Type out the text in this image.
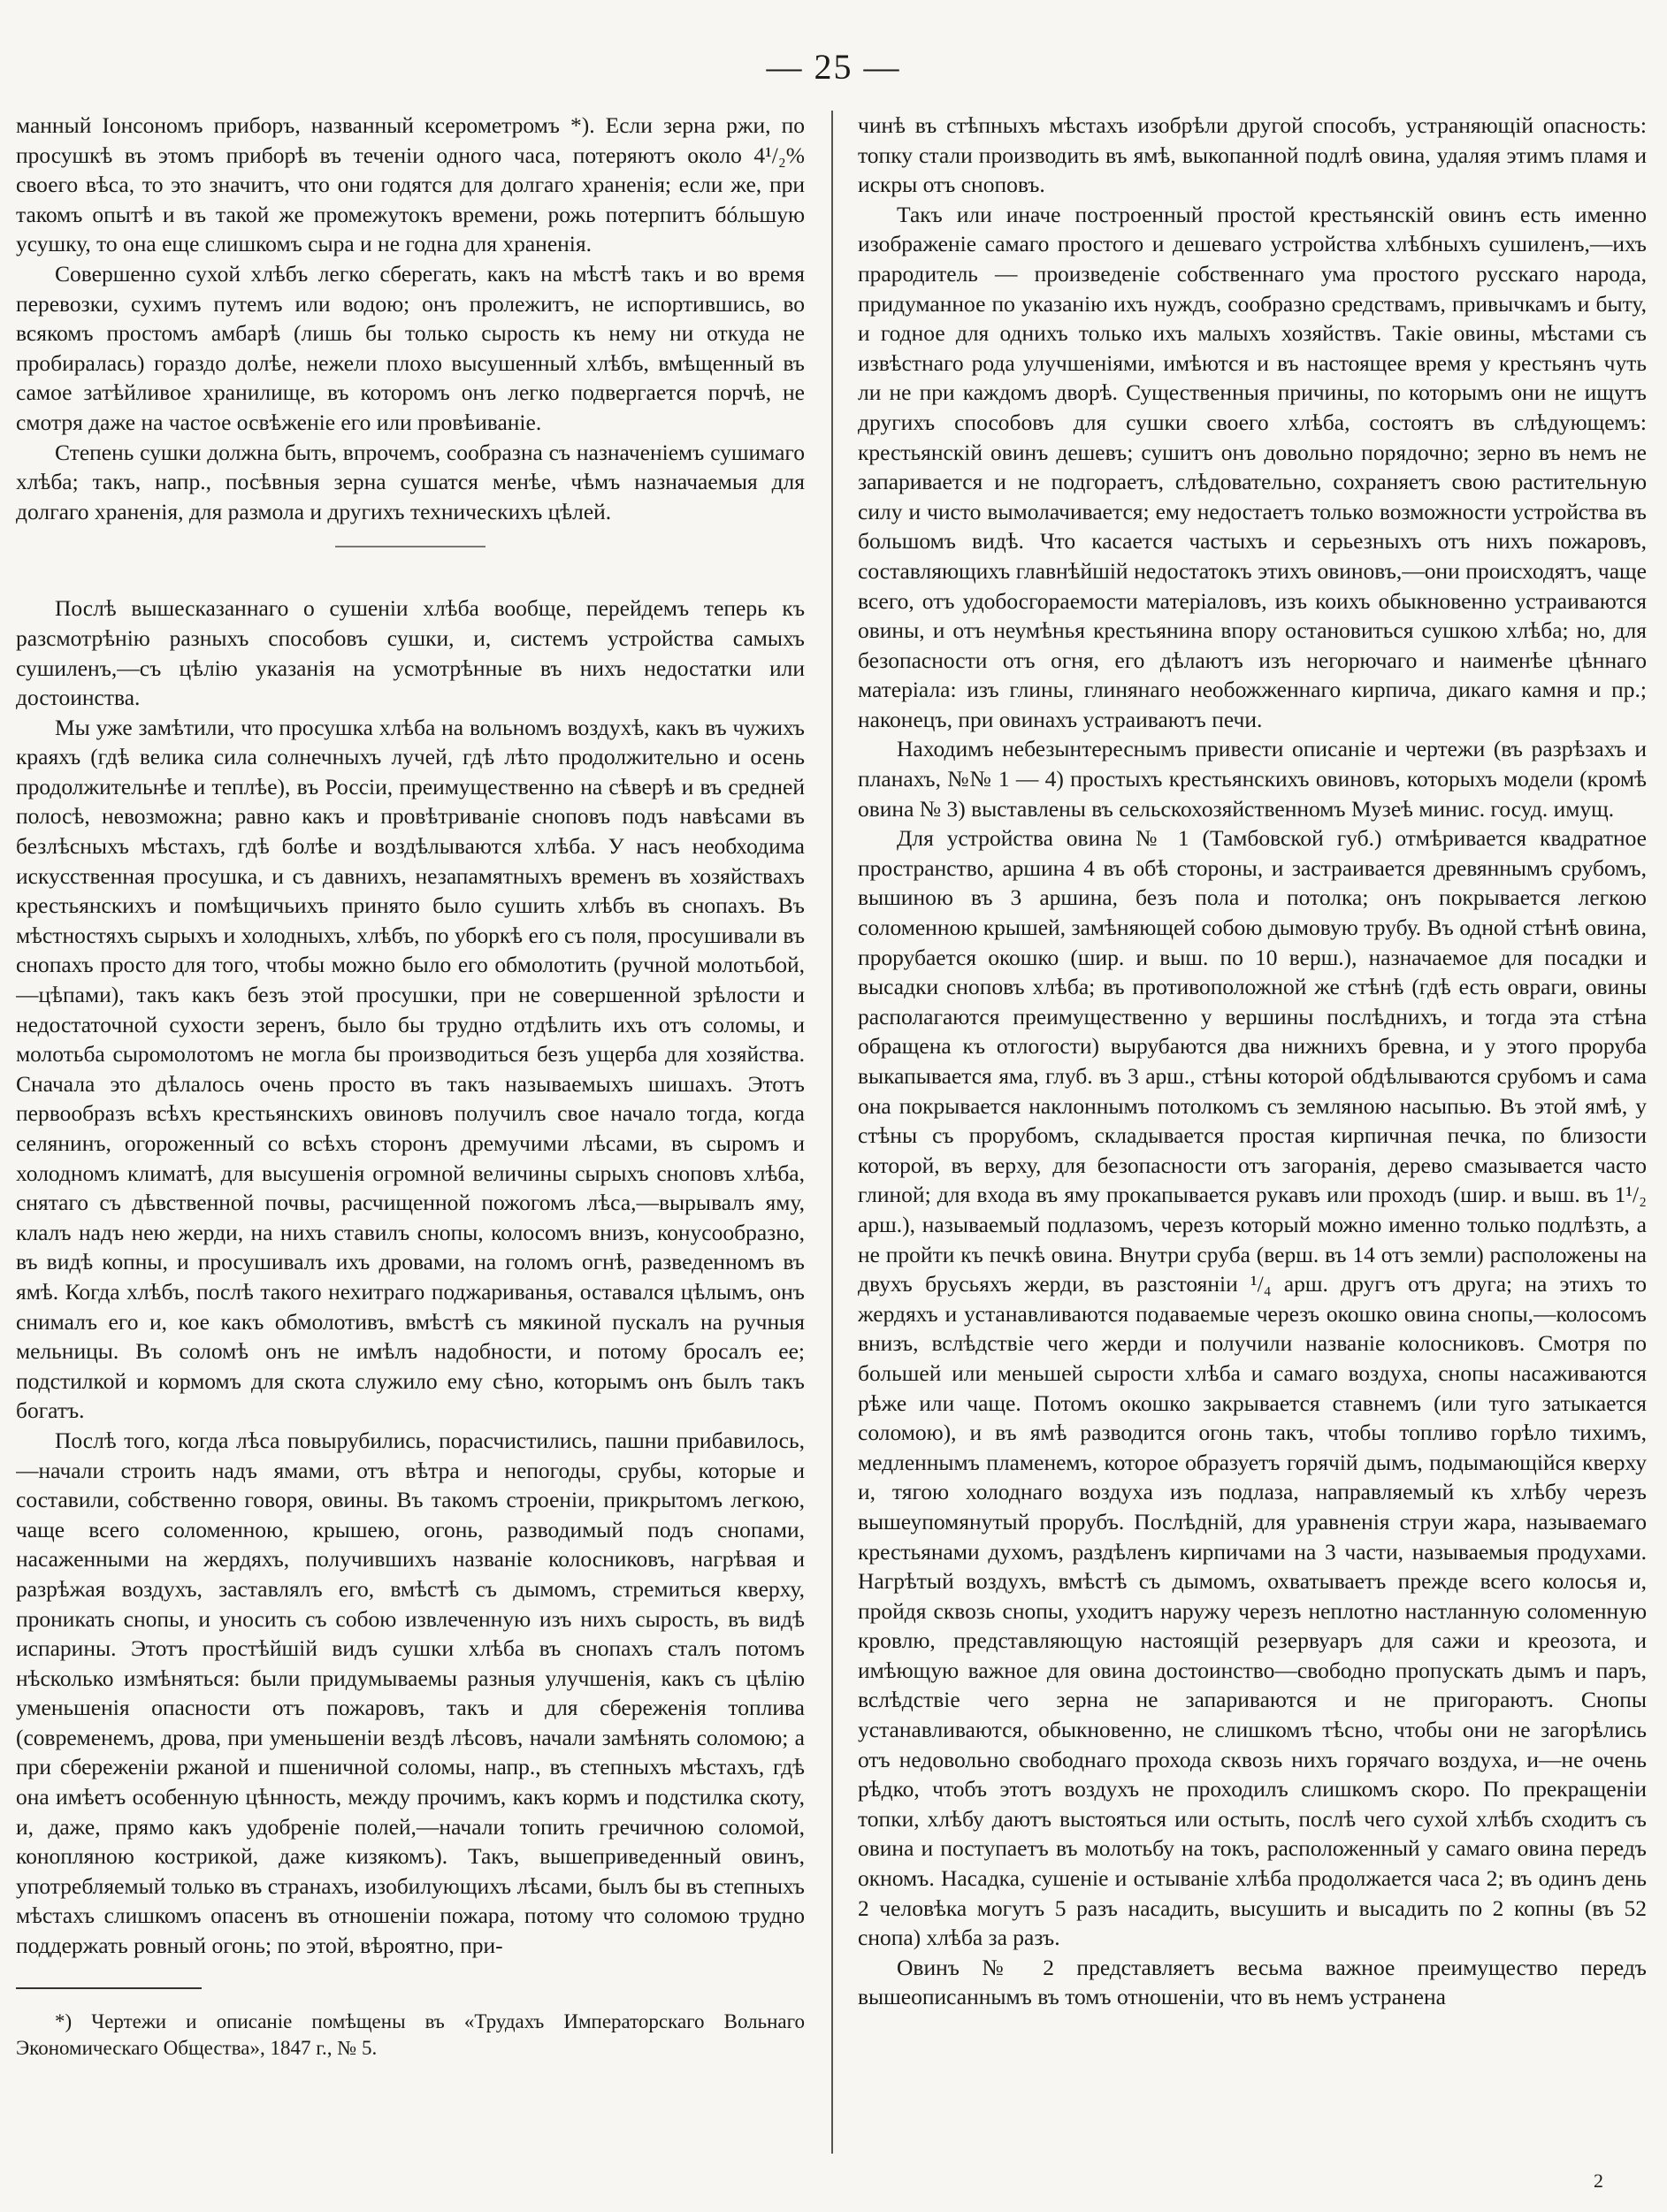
— 25 —

манный Іонсономъ приборъ, названный ксерометромъ *). Если зерна ржи, по просушкѣ въ этомъ приборѣ въ теченіи одного часа, потеряютъ около 4¹/₂% своего вѣса, то это значитъ, что они годятся для долгаго храненія; если же, при такомъ опытѣ и въ такой же промежутокъ времени, рожь потерпитъ бóльшую усушку, то она еще слишкомъ сыра и не годна для храненія.

Совершенно сухой хлѣбъ легко сберегать, какъ на мѣстѣ такъ и во время перевозки, сухимъ путемъ или водою; онъ пролежитъ, не испортившись, во всякомъ простомъ амбарѣ (лишь бы только сырость къ нему ни откуда не пробиралась) гораздо долѣе, нежели плохо высушенный хлѣбъ, вмѣщенный въ самое затѣйливое хранилище, въ которомъ онъ легко подвергается порчѣ, не смотря даже на частое освѣженіе его или провѣиваніе.

Степень сушки должна быть, впрочемъ, сообразна съ назначеніемъ сушимаго хлѣба; такъ, напр., посѣвныя зерна сушатся менѣе, чѣмъ назначаемыя для долгаго храненія, для размола и другихъ техническихъ цѣлей.

Послѣ вышесказаннаго о сушеніи хлѣба вообще, перейдемъ теперь къ разсмотрѣнію разныхъ способовъ сушки, и, системъ устройства самыхъ сушиленъ,—съ цѣлію указанія на усмотрѣнные въ нихъ недостатки или достоинства.

Мы уже замѣтили, что просушка хлѣба на вольномъ воздухѣ, какъ въ чужихъ краяхъ (гдѣ велика сила солнечныхъ лучей, гдѣ лѣто продолжительно и осень продолжительнѣе и теплѣе), въ Россіи, преимущественно на сѣверѣ и въ средней полосѣ, невозможна; равно какъ и провѣтриваніе сноповъ подъ навѣсами въ безлѣсныхъ мѣстахъ, гдѣ болѣе и воздѣлываются хлѣба. У насъ необходима искусственная просушка, и съ давнихъ, незапамятныхъ временъ въ хозяйствахъ крестьянскихъ и помѣщичьихъ принято было сушить хлѣбъ въ снопахъ. Въ мѣстностяхъ сырыхъ и холодныхъ, хлѣбъ, по уборкѣ его съ поля, просушивали въ снопахъ просто для того, чтобы можно было его обмолотить (ручной молотьбой,—цѣпами), такъ какъ безъ этой просушки, при не совершенной зрѣлости и недостаточной сухости зеренъ, было бы трудно отдѣлить ихъ отъ соломы, и молотьба сыромолотомъ не могла бы производиться безъ ущерба для хозяйства. Сначала это дѣлалось очень просто въ такъ называемыхъ шишахъ. Этотъ первообразъ всѣхъ крестьянскихъ овиновъ получилъ свое начало тогда, когда селянинъ, огороженный со всѣхъ сторонъ дремучими лѣсами, въ сыромъ и холодномъ климатѣ, для высушенія огромной величины сырыхъ сноповъ хлѣба, снятаго съ дѣвственной почвы, расчищенной пожогомъ лѣса,—вырывалъ яму, клалъ надъ нею жерди, на нихъ ставилъ снопы, колосомъ внизъ, конусообразно, въ видѣ копны, и просушивалъ ихъ дровами, на голомъ огнѣ, разведенномъ въ ямѣ. Когда хлѣбъ, послѣ такого нехитраго поджариванья, оставался цѣлымъ, онъ снималъ его и, кое какъ обмолотивъ, вмѣстѣ съ мякиной пускалъ на ручныя мельницы. Въ соломѣ онъ не имѣлъ надобности, и потому бросалъ ее; подстилкой и кормомъ для скота служило ему сѣно, которымъ онъ былъ такъ богатъ.

Послѣ того, когда лѣса повырубились, порасчистились, пашни прибавилось,—начали строить надъ ямами, отъ вѣтра и непогоды, срубы, которые и составили, собственно говоря, овины. Въ такомъ строеніи, прикрытомъ легкою, чаще всего соломенною, крышею, огонь, разводимый подъ снопами, насаженными на жердяхъ, получившихъ названіе колосниковъ, нагрѣвая и разрѣжая воздухъ, заставлялъ его, вмѣстѣ съ дымомъ, стремиться кверху, проникать снопы, и уносить съ собою извлеченную изъ нихъ сырость, въ видѣ испарины. Этотъ простѣйшій видъ сушки хлѣба въ снопахъ сталъ потомъ нѣсколько измѣняться: были придумываемы разныя улучшенія, какъ съ цѣлію уменьшенія опасности отъ пожаровъ, такъ и для сбереженія топлива (современемъ, дрова, при уменьшеніи вездѣ лѣсовъ, начали замѣнять соломою; а при сбереженіи ржаной и пшеничной соломы, напр., въ степныхъ мѣстахъ, гдѣ она имѣетъ особенную цѣнность, между прочимъ, какъ кормъ и подстилка скоту, и, даже, прямо какъ удобреніе полей,—начали топить гречичною соломой, конопляною кострикой, даже кизякомъ). Такъ, вышеприведенный овинъ, употребляемый только въ странахъ, изобилующихъ лѣсами, былъ бы въ степныхъ мѣстахъ слишкомъ опасенъ въ отношеніи пожара, потому что соломою трудно поддержать ровный огонь; по этой, вѣроятно, при-

*) Чертежи и описаніе помѣщены въ «Трудахъ Императорскаго Вольнаго Экономическаго Общества», 1847 г., № 5.

чинѣ въ стѣпныхъ мѣстахъ изобрѣли другой способъ, устраняющій опасность: топку стали производить въ ямѣ, выкопанной подлѣ овина, удаляя этимъ пламя и искры отъ сноповъ.

Такъ или иначе построенный простой крестьянскій овинъ есть именно изображеніе самаго простого и дешеваго устройства хлѣбныхъ сушиленъ,—ихъ прародитель — произведеніе собственнаго ума простого русскаго народа, придуманное по указанію ихъ нуждъ, сообразно средствамъ, привычкамъ и быту, и годное для однихъ только ихъ малыхъ хозяйствъ. Такіе овины, мѣстами съ извѣстнаго рода улучшеніями, имѣются и въ настоящее время у крестьянъ чуть ли не при каждомъ дворѣ. Существенныя причины, по которымъ они не ищутъ другихъ способовъ для сушки своего хлѣба, состоятъ въ слѣдующемъ: крестьянскій овинъ дешевъ; сушитъ онъ довольно порядочно; зерно въ немъ не запаривается и не подгораетъ, слѣдовательно, сохраняетъ свою растительную силу и чисто вымолачивается; ему недостаетъ только возможности устройства въ большомъ видѣ. Что касается частыхъ и серьезныхъ отъ нихъ пожаровъ, составляющихъ главнѣйшій недостатокъ этихъ овиновъ,—они происходятъ, чаще всего, отъ удобосгораемости матеріаловъ, изъ коихъ обыкновенно устраиваются овины, и отъ неумѣнья крестьянина впору остановиться сушкою хлѣба; но, для безопасности отъ огня, его дѣлаютъ изъ негорючаго и наименѣе цѣннаго матеріала: изъ глины, глинянаго необожженнаго кирпича, дикаго камня и пр.; наконецъ, при овинахъ устраиваютъ печи.

Находимъ небезынтереснымъ привести описаніе и чертежи (въ разрѣзахъ и планахъ, №№ 1 — 4) простыхъ крестьянскихъ овиновъ, которыхъ модели (кромѣ овина № 3) выставлены въ сельскохозяйственномъ Музеѣ минис. госуд. имущ.

Для устройства овина № 1 (Тамбовской губ.) отмѣривается квадратное пространство, аршина 4 въ обѣ стороны, и застраивается древяннымъ срубомъ, вышиною въ 3 аршина, безъ пола и потолка; онъ покрывается легкою соломенною крышей, замѣняющей собою дымовую трубу. Въ одной стѣнѣ овина, прорубается окошко (шир. и выш. по 10 верш.), назначаемое для посадки и высадки сноповъ хлѣба; въ противоположной же стѣнѣ (гдѣ есть овраги, овины располагаются преимущественно у вершины послѣднихъ, и тогда эта стѣна обращена къ отлогости) вырубаются два нижнихъ бревна, и у этого проруба выкапывается яма, глуб. въ 3 арш., стѣны которой обдѣлываются срубомъ и сама она покрывается наклоннымъ потолкомъ съ земляною насыпью. Въ этой ямѣ, у стѣны съ прорубомъ, складывается простая кирпичная печка, по близости которой, въ верху, для безопасности отъ загоранія, дерево смазывается часто глиной; для входа въ яму прокапывается рукавъ или проходъ (шир. и выш. въ 1¹/₂ арш.), называемый подлазомъ, черезъ который можно именно только подлѣзть, а не пройти къ печкѣ овина. Внутри сруба (верш. въ 14 отъ земли) расположены на двухъ брусьяхъ жерди, въ разстояніи ¹/₄ арш. другъ отъ друга; на этихъ то жердяхъ и устанавливаются подаваемые черезъ окошко овина снопы,—колосомъ внизъ, вслѣдствіе чего жерди и получили названіе колосниковъ. Смотря по большей или меньшей сырости хлѣба и самаго воздуха, снопы насаживаются рѣже или чаще. Потомъ окошко закрывается ставнемъ (или туго затыкается соломою), и въ ямѣ разводится огонь такъ, чтобы топливо горѣло тихимъ, медленнымъ пламенемъ, которое образуетъ горячій дымъ, подымающійся кверху и, тягою холоднаго воздуха изъ подлаза, направляемый къ хлѣбу черезъ вышеупомянутый прорубъ. Послѣдній, для уравненія струи жара, называемаго крестьянами духомъ, раздѣленъ кирпичами на 3 части, называемыя продухами. Нагрѣтый воздухъ, вмѣстѣ съ дымомъ, охватываетъ прежде всего колосья и, пройдя сквозь снопы, уходитъ наружу черезъ неплотно настланную соломенную кровлю, представляющую настоящій резервуаръ для сажи и креозота, и имѣющую важное для овина достоинство—свободно пропускать дымъ и паръ, вслѣдствіе чего зерна не запариваются и не пригораютъ. Снопы устанавливаются, обыкновенно, не слишкомъ тѣсно, чтобы они не загорѣлись отъ недовольно свободнаго прохода сквозь нихъ горячаго воздуха, и—не очень рѣдко, чтобъ этотъ воздухъ не проходилъ слишкомъ скоро. По прекращеніи топки, хлѣбу даютъ выстояться или остыть, послѣ чего сухой хлѣбъ сходитъ съ овина и поступаетъ въ молотьбу на токъ, расположенный у самаго овина передъ окномъ. Насадка, сушеніе и остываніе хлѣба продолжается часа 2; въ одинъ день 2 человѣка могутъ 5 разъ насадить, высушить и высадить по 2 копны (въ 52 снопа) хлѣба за разъ.

Овинъ № 2 представляетъ весьма важное преимущество передъ вышеописаннымъ въ томъ отношеніи, что въ немъ устранена

2
